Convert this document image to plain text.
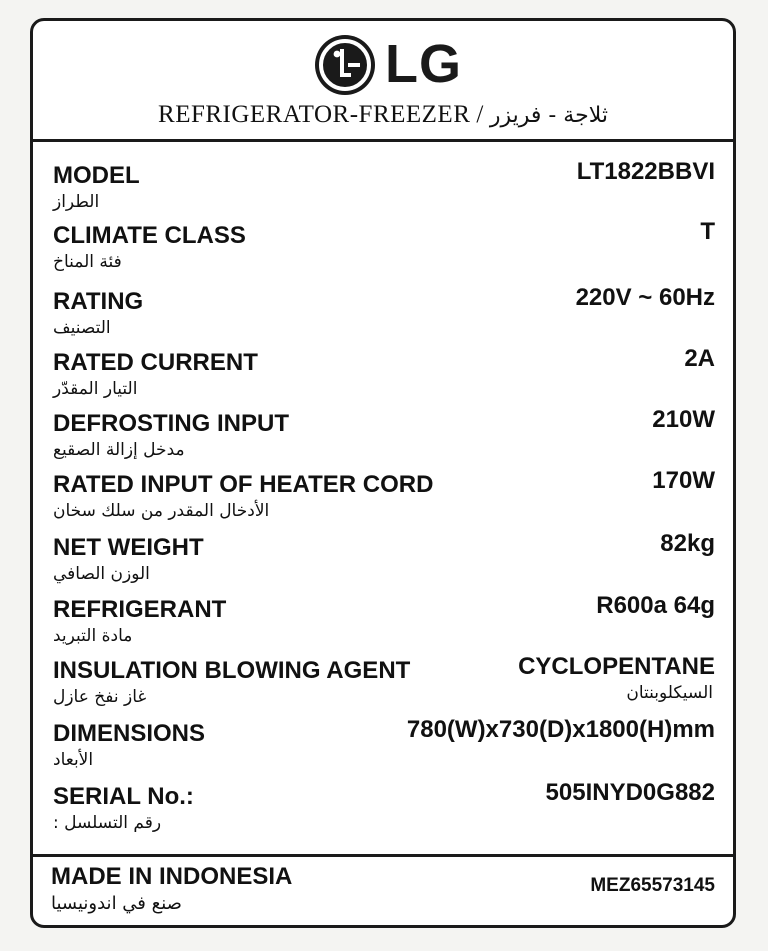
LG
REFRIGERATOR-FREEZER / ثلاجة - فريزر
MODEL
الطراز
LT1822BBVI
CLIMATE CLASS
فئة المناخ
T
RATING
التصنيف
220V ~ 60Hz
RATED CURRENT
التيار المقدّر
2A
DEFROSTING INPUT
مدخل إزالة الصقيع
210W
RATED INPUT OF HEATER CORD
الأدخال المقدر من سلك سخان
170W
NET WEIGHT
الوزن الصافي
82kg
REFRIGERANT
مادة التبريد
R600a 64g
INSULATION BLOWING AGENT
غاز نفخ عازل
CYCLOPENTANE
السيكلوبنتان
DIMENSIONS
الأبعاد
780(W)x730(D)x1800(H)mm
SERIAL No.:
رقم التسلسل :
505INYD0G882
MADE IN INDONESIA
صنع في اندونيسيا
MEZ65573145
